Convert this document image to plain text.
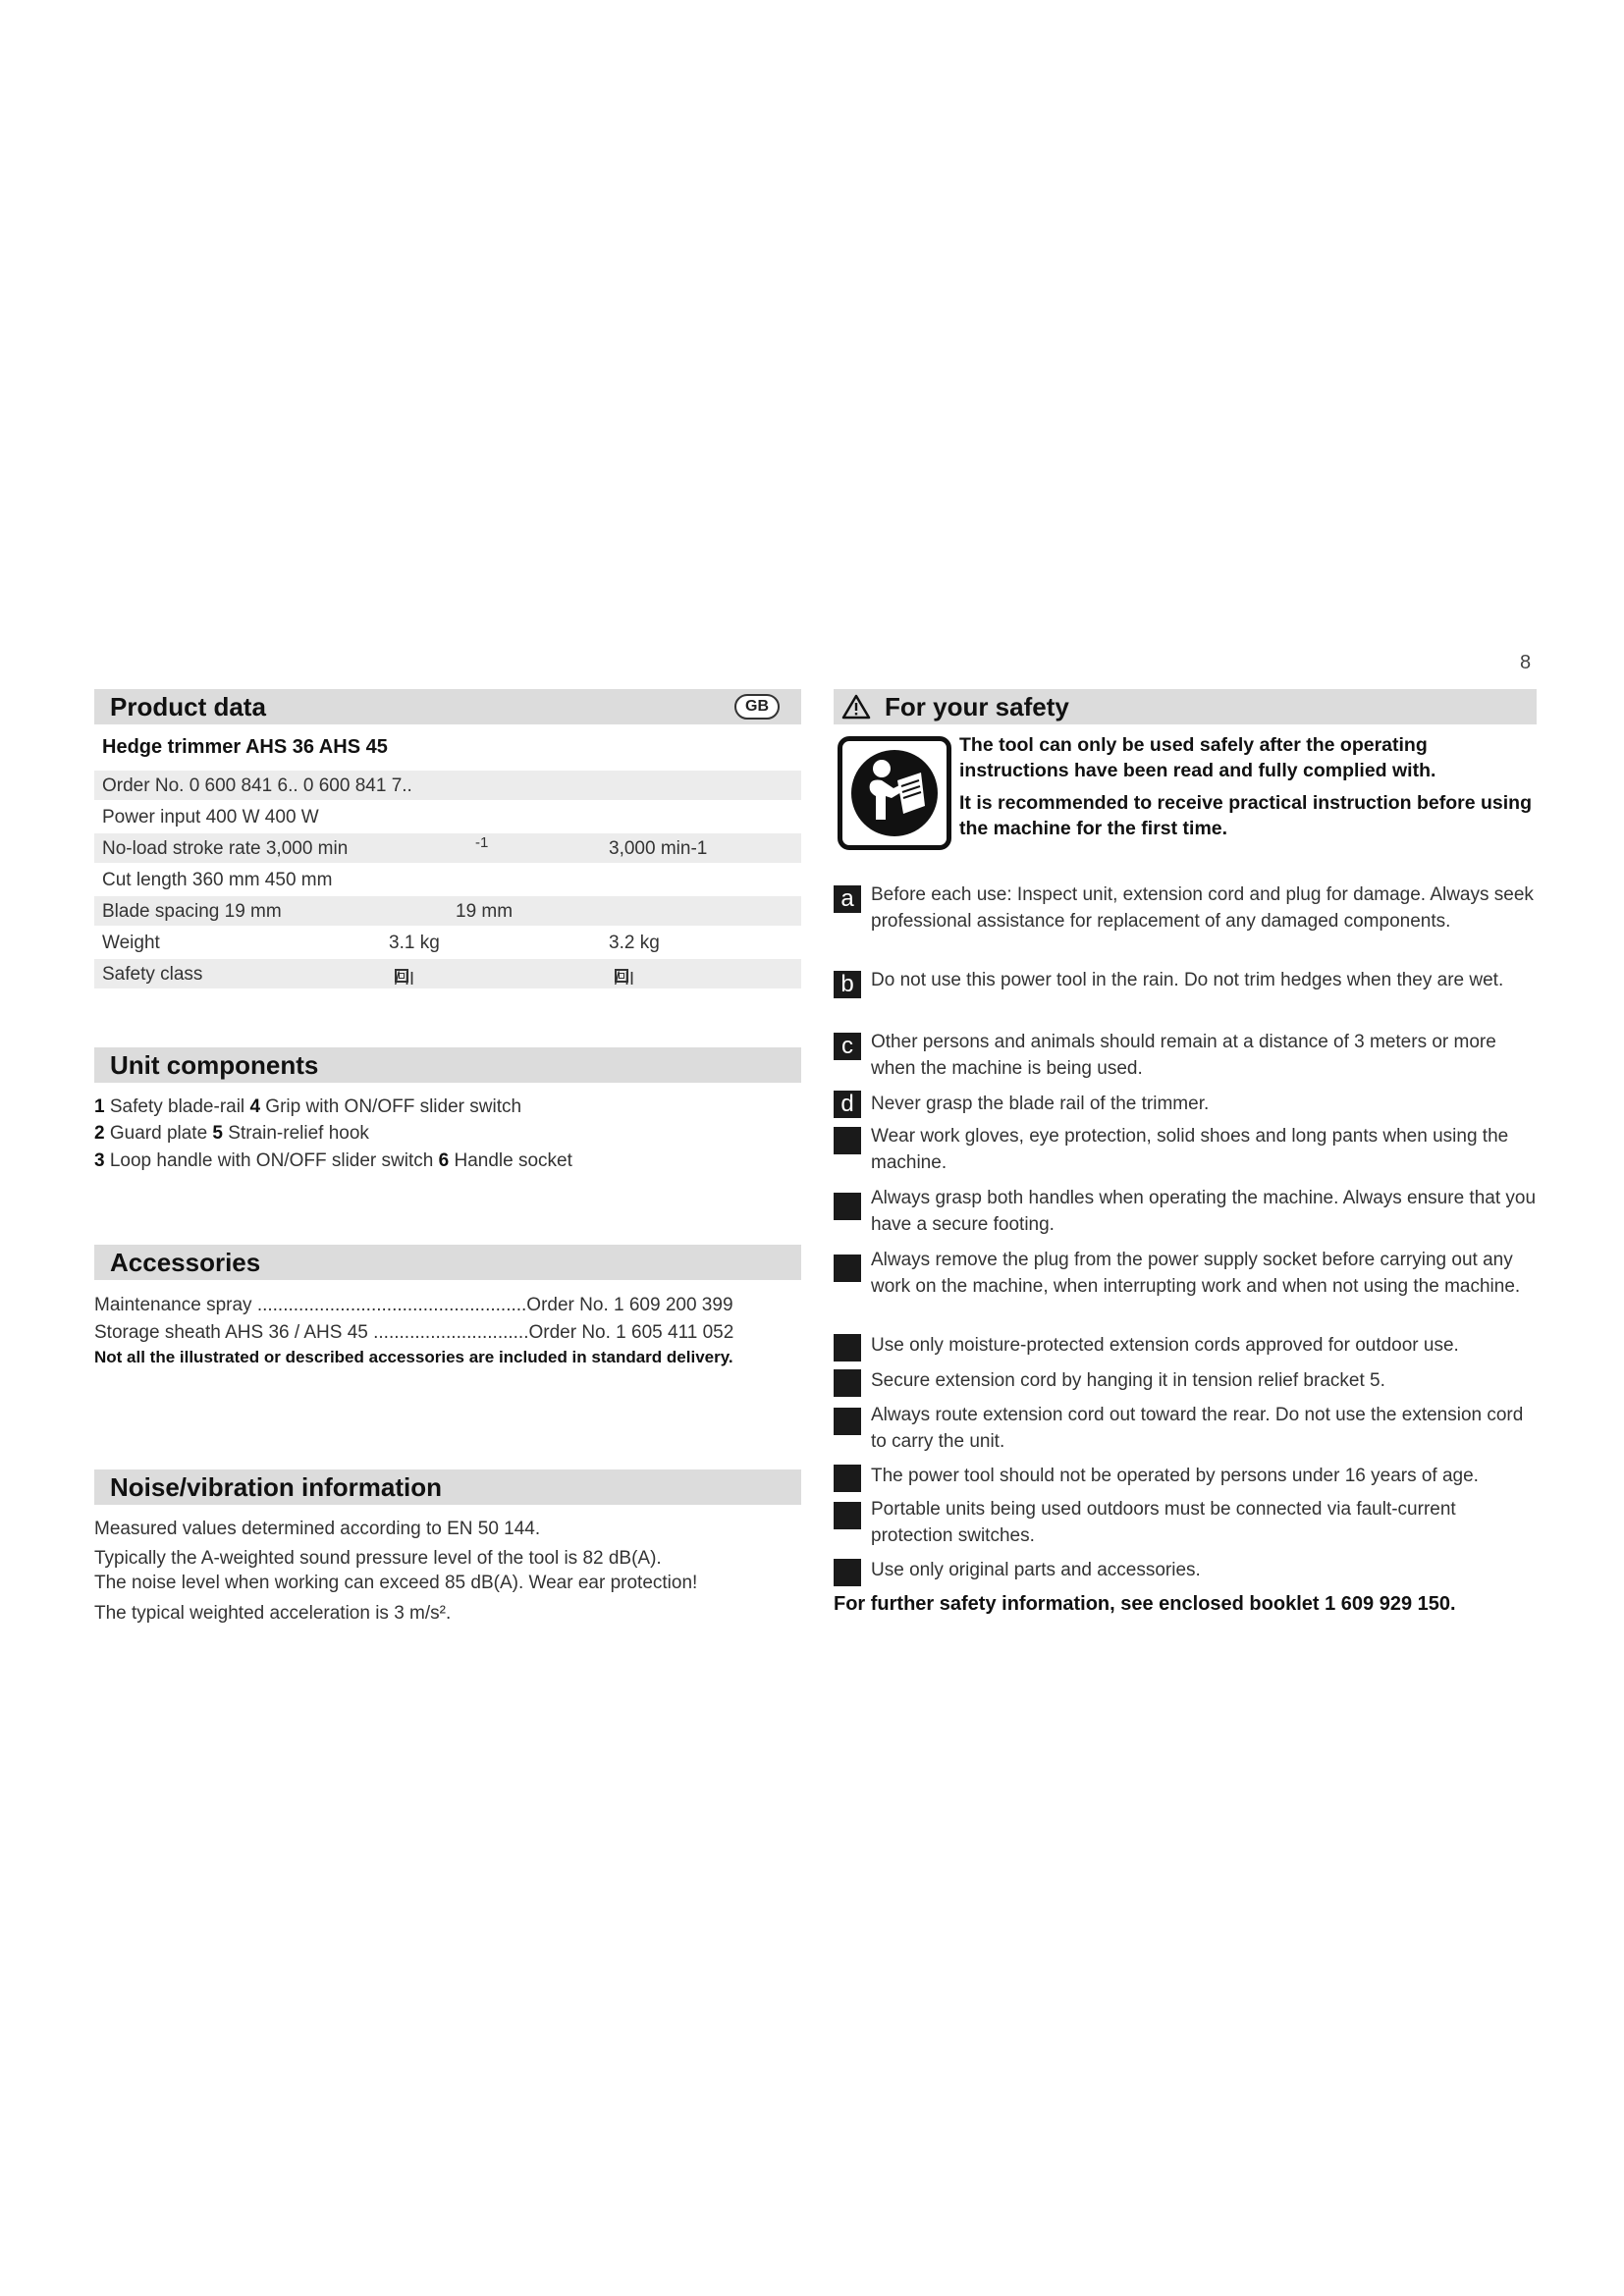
8
Product data	GB
Hedge trimmer AHS 36 AHS 45
Order No. 0 600 841 6.. 0 600 841 7..
Power input 400 W 400 W
No-load stroke rate 3,000 min	-1	3,000 min-1
Cut length 360 mm 450 mm
Blade spacing 19 mm	19 mm
Weight	3.1 kg	3.2 kg
Safety class	/ II	/ II
Unit components
1 Safety blade-rail 4 Grip with ON/OFF slider switch
2 Guard plate 5 Strain-relief hook
3 Loop handle with ON/OFF slider switch 6 Handle socket
Accessories
Maintenance spray ....................................................Order No. 1 609 200 399
Storage sheath AHS 36 / AHS 45 ..............................Order No. 1 605 411 052
Not all the illustrated or described accessories are included in standard delivery.
Noise/vibration information
Measured values determined according to EN 50 144.
Typically the A-weighted sound pressure level of the tool is 82 dB(A).
The noise level when working can exceed 85 dB(A). Wear ear protection!
The typical weighted acceleration is 3 m/s².
For your safety
The tool can only be used safely after the operating instructions have been read and fully complied with.
It is recommended to receive practical instruction before using the machine for the first time.
a Before each use: Inspect unit, extension cord and plug for damage. Always seek professional assistance for replacement of any damaged components.
b Do not use this power tool in the rain. Do not trim hedges when they are wet.
c Other persons and animals should remain at a distance of 3 meters or more when the machine is being used.
d Never grasp the blade rail of the trimmer.
Wear work gloves, eye protection, solid shoes and long pants when using the machine.
Always grasp both handles when operating the machine. Always ensure that you have a secure footing.
Always remove the plug from the power supply socket before carrying out any work on the machine, when interrupting work and when not using the machine.
Use only moisture-protected extension cords approved for outdoor use.
Secure extension cord by hanging it in tension relief bracket 5.
Always route extension cord out toward the rear. Do not use the extension cord to carry the unit.
The power tool should not be operated by persons under 16 years of age.
Portable units being used outdoors must be connected via fault-current protection switches.
Use only original parts and accessories.
For further safety information, see enclosed booklet 1 609 929 150.
